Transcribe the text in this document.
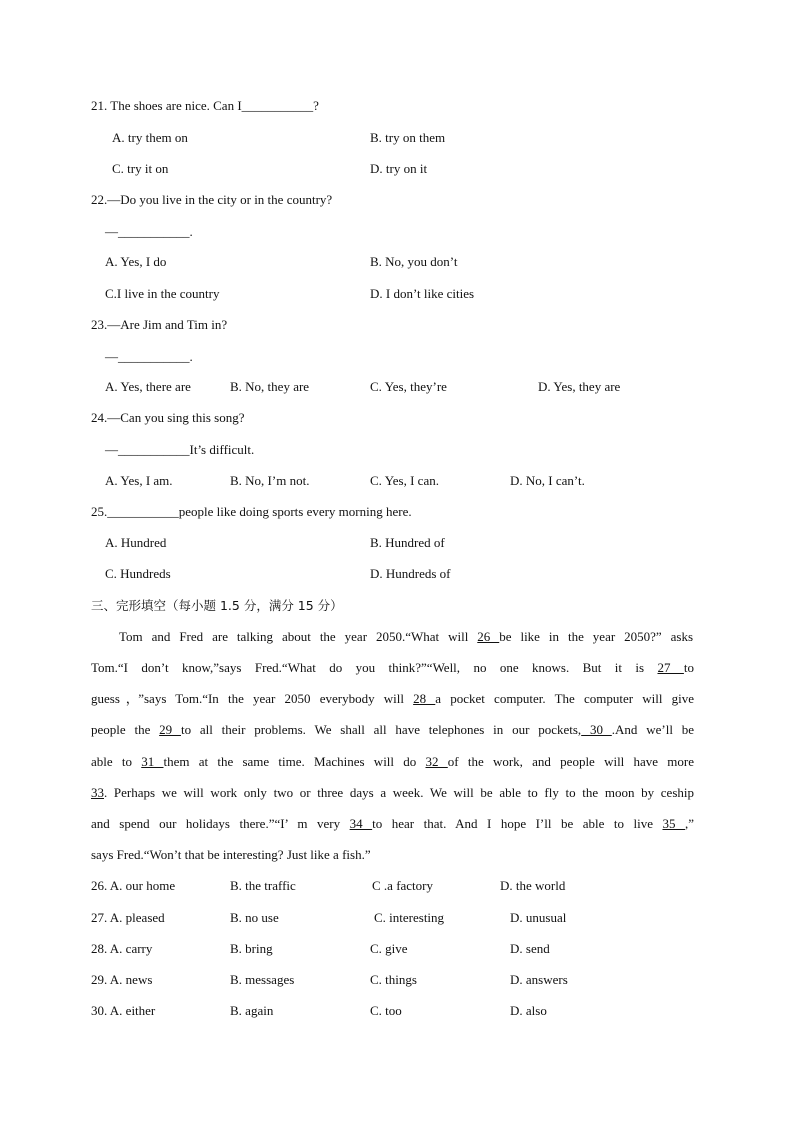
21. The shoes are nice. Can I___________?
A. try them on	B. try on them
C. try it on	D. try on it
22.—Do you live in the city or in the country?
—___________.
A. Yes, I do	B. No, you don’t
C.I live in the country	D. I don’t like cities
23.—Are Jim and Tim in?
—___________.
A. Yes, there are	B. No, they are	C. Yes, they’re	D. Yes, they are
24.—Can you sing this song?
—___________It’s difficult.
A. Yes, I am.	B. No, I’m not.	C. Yes, I can.	D. No, I can’t.
25.___________people like doing sports every morning here.
A. Hundred	B. Hundred of
C. Hundreds	D. Hundreds of
三、完形填空（每小题 1.5 分，满分 15 分）
Tom and Fred are talking about the year 2050.“What will 26 be like in the year 2050?” asks
Tom.“I don’t know,”says Fred.“What do you think?”“Well, no one knows. But it is 27 to
guess，”says Tom.“In the year 2050 everybody will 28 a pocket computer. The computer will give
people the 29 to all their problems. We shall all have telephones in our pockets, 30 .And we’ll be
able to 31 them at the same time. Machines will do 32 of the work, and people will have more
33. Perhaps we will work only two or three days a week. We will be able to fly to the moon by ceship
and spend our holidays there.”“I’ m very 34 to hear that. And I hope I’ll be able to live 35 ,”
says Fred.“Won’t that be interesting? Just like a fish.”
26. A. our home	B. the traffic	C .a factory	D. the world
27. A. pleased	B. no use	C. interesting	D. unusual
28. A. carry	B. bring	C. give	D. send
29. A. news	B. messages	C. things	D. answers
30. A. either	B. again	C. too	D. also
